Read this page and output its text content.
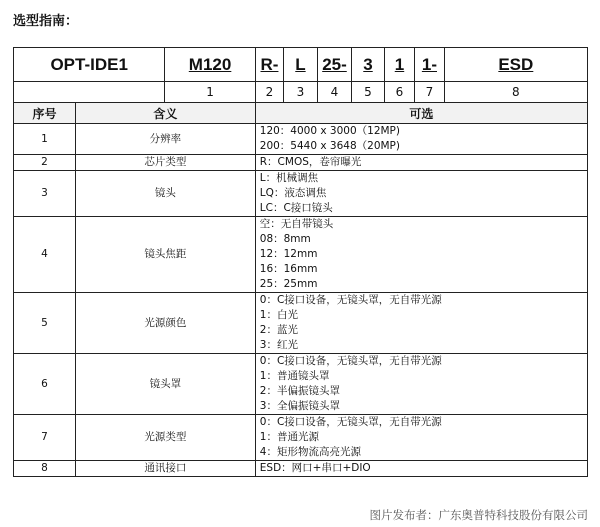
选型指南：
OPT-IDE1		M120	R-	L	25-	3	1	1-	ESD
		1	2	3	4	5	6	7	8
序号	含义		可选						
1	分辨率		120：4000 x 3000（12MP)
200：5440 x 3648（20MP)						

2	芯片类型		R：CMOS，卷帘曝光						

3	镜头		L：机械调焦
LQ：液态调焦
LC：C接口镜头						

4	镜头焦距		空：无自带镜头
08：8mm
12：12mm
16：16mm
25：25mm						

5	光源颜色		0：C接口设备，无镜头罩，无自带光源
1：白光
2：蓝光
3：红光						

6	镜头罩		0：C接口设备，无镜头罩，无自带光源
1：普通镜头罩
2：半偏振镜头罩
3：全偏振镜头罩						

7	光源类型		0：C接口设备，无镜头罩，无自带光源
1：普通光源
4：矩形物流高亮光源						

8	通讯接口		ESD：网口+串口+DIO						
图片发布者：广东奥普特科技股份有限公司
